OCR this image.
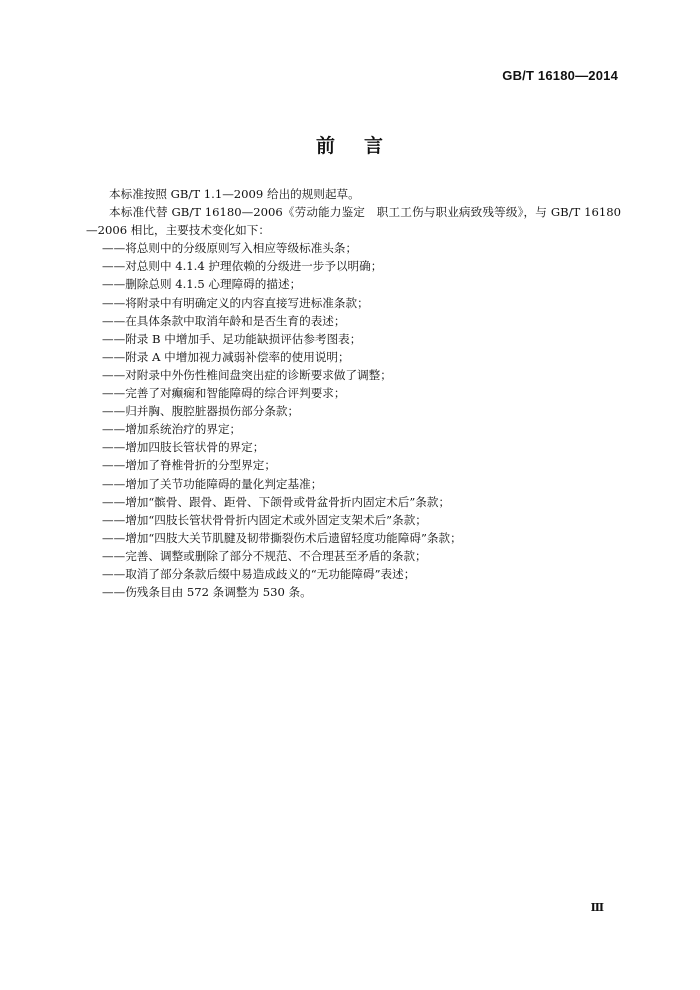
GB/T 16180—2014
前 言

本标准按照 GB/T 1.1—2009 给出的规则起草。

本标准代替 GB/T 16180—2006《劳动能力鉴定　职工工伤与职业病致残等级》，与 GB/T 16180—2006 相比，主要技术变化如下：

——将总则中的分级原则写入相应等级标准头条；

——对总则中 4.1.4 护理依赖的分级进一步予以明确；

——删除总则 4.1.5 心理障碍的描述；

——将附录中有明确定义的内容直接写进标准条款；

——在具体条款中取消年龄和是否生育的表述；

——附录 B 中增加手、足功能缺损评估参考图表；

——附录 A 中增加视力减弱补偿率的使用说明；

——对附录中外伤性椎间盘突出症的诊断要求做了调整；

——完善了对癫痫和智能障碍的综合评判要求；

——归并胸、腹腔脏器损伤部分条款；

——增加系统治疗的界定；

——增加四肢长管状骨的界定；

——增加了脊椎骨折的分型界定；

——增加了关节功能障碍的量化判定基准；

——增加“髌骨、跟骨、距骨、下颌骨或骨盆骨折内固定术后”条款；

——增加“四肢长管状骨骨折内固定术或外固定支架术后”条款；

——增加“四肢大关节肌腱及韧带撕裂伤术后遗留轻度功能障碍”条款；

——完善、调整或删除了部分不规范、不合理甚至矛盾的条款；

——取消了部分条款后缀中易造成歧义的“无功能障碍”表述；

——伤残条目由 572 条调整为 530 条。

Ⅲ
